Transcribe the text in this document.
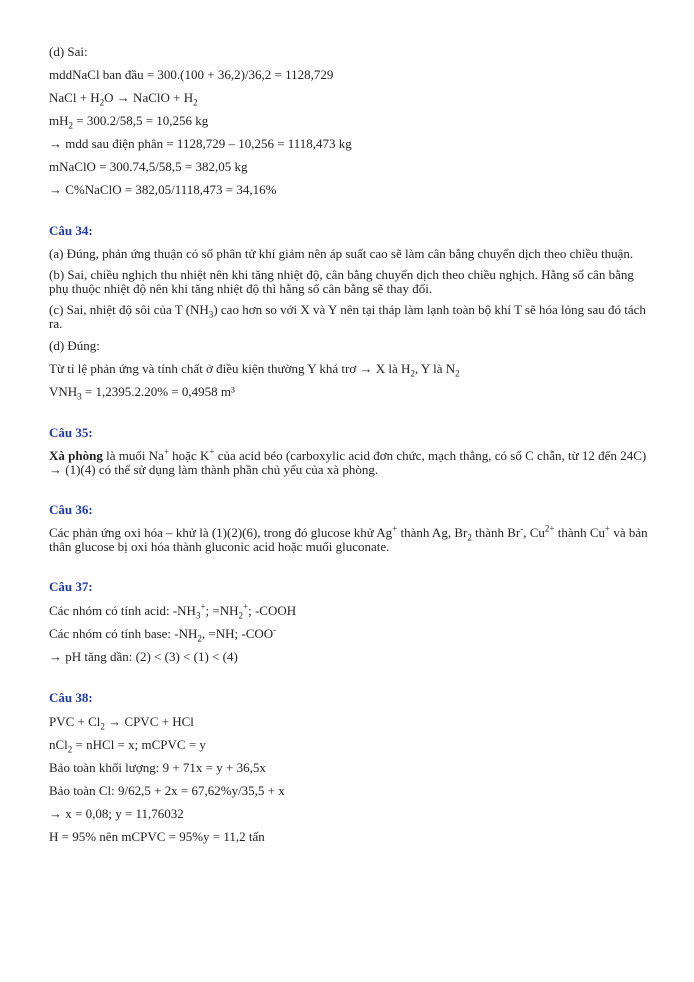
(d) Sai:
mddNaCl ban đầu = 300.(100 + 36,2)/36,2 = 1128,729
NaCl + $H_2O$ → NaClO + $H_2$
$mH_2 = 300.2/58,5 = 10,256$ kg
→ mdd sau điện phân = 1128,729 – 10,256 = 1118,473 kg
mNaClO = 300.74,5/58,5 = 382,05 kg
→ C%NaClO = 382,05/1118,473 = 34,16%
Câu 34:
(a) Đúng, phản ứng thuận có số phân tử khí giảm nên áp suất cao sẽ làm cân bằng chuyển dịch theo chiều thuận.
(b) Sai, chiều nghịch thu nhiệt nên khi tăng nhiệt độ, cân bằng chuyển dịch theo chiều nghịch. Hằng số cân bằng phụ thuộc nhiệt độ nên khi tăng nhiệt độ thì hằng số cân bằng sẽ thay đổi.
(c) Sai, nhiệt độ sôi của T $(NH_3)$ cao hơn so với X và Y nên tại tháp làm lạnh toàn bộ khí T sẽ hóa lỏng sau đó tách ra.
(d) Đúng:
Từ tỉ lệ phản ứng và tính chất ở điều kiện thường Y khá trơ → X là $H_2$, Y là $N_2$
$VNH_3 = 1,2395.2.20\% = 0,4958$ m³
Câu 35:
Xà phòng là muối Na+ hoặc K+ của acid béo (carboxylic acid đơn chức, mạch thẳng, có số C chẵn, từ 12 đến 24C) → (1)(4) có thể sử dụng làm thành phần chủ yếu của xà phòng.
Câu 36:
Các phản ứng oxi hóa – khử là (1)(2)(6), trong đó glucose khử Ag+ thành Ag, $Br_2$ thành Br-, $Cu^{2+}$ thành Cu+ và bản thân glucose bị oxi hóa thành gluconic acid hoặc muối gluconate.
Câu 37:
Các nhóm có tính acid: $-NH_3^+$; $=NH_2^+$; -COOH
Các nhóm có tính base: $-NH_2$, =NH; -COO-
→ pH tăng dần: (2) < (3) < (1) < (4)
Câu 38:
PVC + $Cl_2$ → CPVC + HCl
nCl$_2$ = nHCl = x; mCPVC = y
Bảo toàn khối lượng: 9 + 71x = y + 36,5x
Bảo toàn Cl: 9/62,5 + 2x = 67,62%y/35,5 + x
→ x = 0,08; y = 11,76032
H = 95% nên mCPVC = 95%y = 11,2 tấn
